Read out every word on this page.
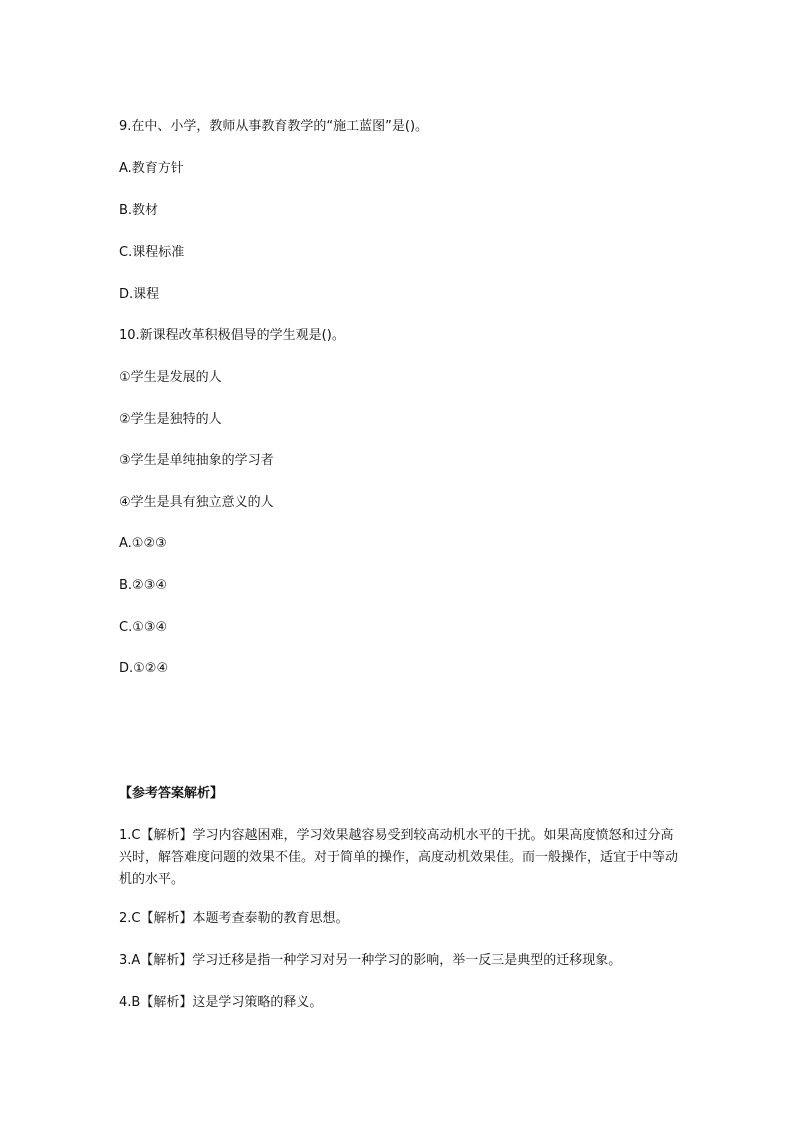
9.在中、小学，教师从事教育教学的“施工蓝图”是()。
A.教育方针
B.教材
C.课程标准
D.课程
10.新课程改革积极倡导的学生观是()。
①学生是发展的人
②学生是独特的人
③学生是单纯抽象的学习者
④学生是具有独立意义的人
A.①②③
B.②③④
C.①③④
D.①②④
【参考答案解析】
1.C【解析】学习内容越困难，学习效果越容易受到较高动机水平的干扰。如果高度愤怒和过分高兴时，解答难度问题的效果不佳。对于简单的操作，高度动机效果佳。而一般操作，适宜于中等动机的水平。
2.C【解析】本题考查泰勒的教育思想。
3.A【解析】学习迁移是指一种学习对另一种学习的影响，举一反三是典型的迁移现象。
4.B【解析】这是学习策略的释义。
